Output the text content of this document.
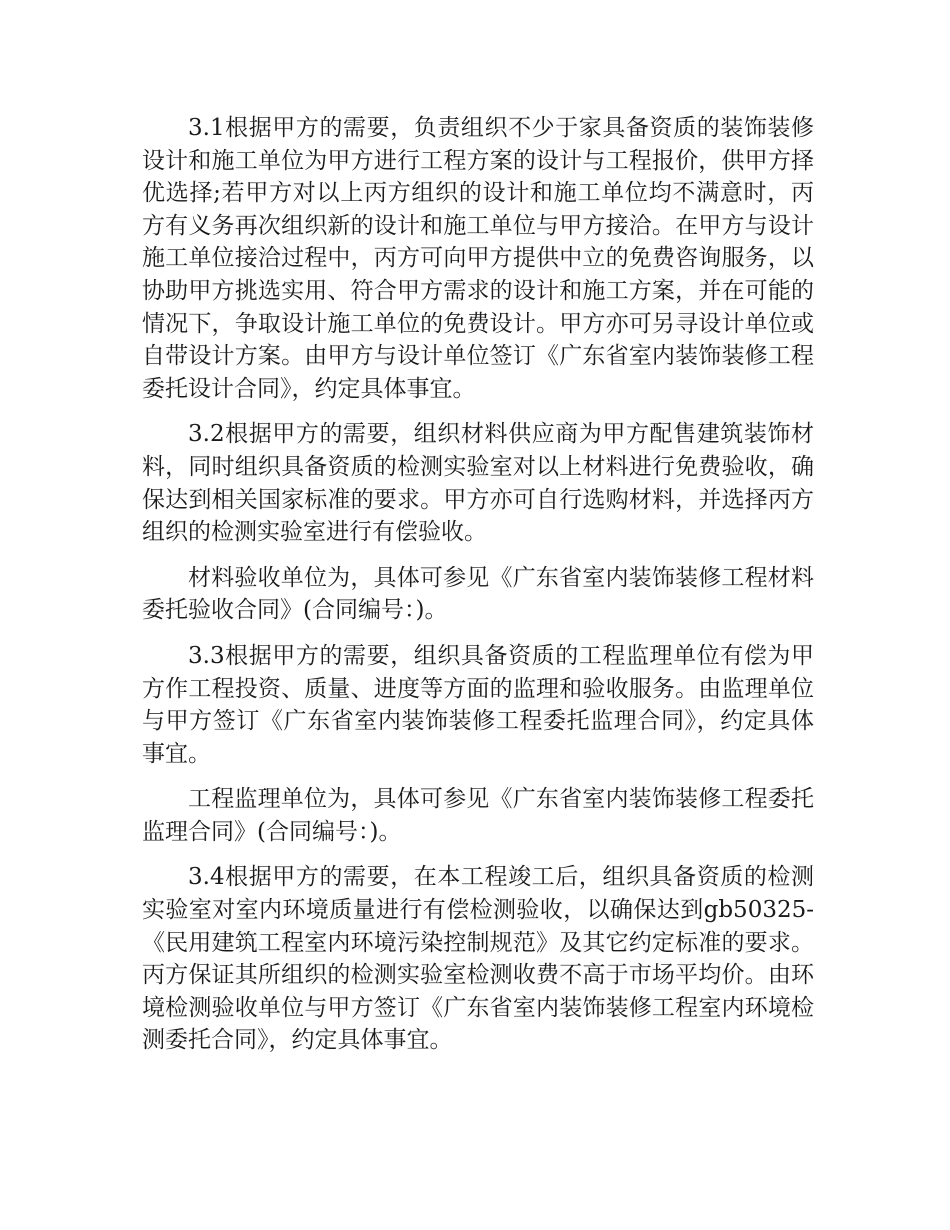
3.1根据甲方的需要，负责组织不少于家具备资质的装饰装修设计和施工单位为甲方进行工程方案的设计与工程报价，供甲方择优选择;若甲方对以上丙方组织的设计和施工单位均不满意时，丙方有义务再次组织新的设计和施工单位与甲方接洽。在甲方与设计施工单位接洽过程中，丙方可向甲方提供中立的免费咨询服务，以协助甲方挑选实用、符合甲方需求的设计和施工方案，并在可能的情况下，争取设计施工单位的免费设计。甲方亦可另寻设计单位或自带设计方案。由甲方与设计单位签订《广东省室内装饰装修工程委托设计合同》，约定具体事宜。

3.2根据甲方的需要，组织材料供应商为甲方配售建筑装饰材料，同时组织具备资质的检测实验室对以上材料进行免费验收，确保达到相关国家标准的要求。甲方亦可自行选购材料，并选择丙方组织的检测实验室进行有偿验收。

材料验收单位为，具体可参见《广东省室内装饰装修工程材料委托验收合同》(合同编号：)。

3.3根据甲方的需要，组织具备资质的工程监理单位有偿为甲方作工程投资、质量、进度等方面的监理和验收服务。由监理单位与甲方签订《广东省室内装饰装修工程委托监理合同》，约定具体事宜。

工程监理单位为，具体可参见《广东省室内装饰装修工程委托监理合同》(合同编号：)。

3.4根据甲方的需要，在本工程竣工后，组织具备资质的检测实验室对室内环境质量进行有偿检测验收，以确保达到gb50325-《民用建筑工程室内环境污染控制规范》及其它约定标准的要求。丙方保证其所组织的检测实验室检测收费不高于市场平均价。由环境检测验收单位与甲方签订《广东省室内装饰装修工程室内环境检测委托合同》，约定具体事宜。
